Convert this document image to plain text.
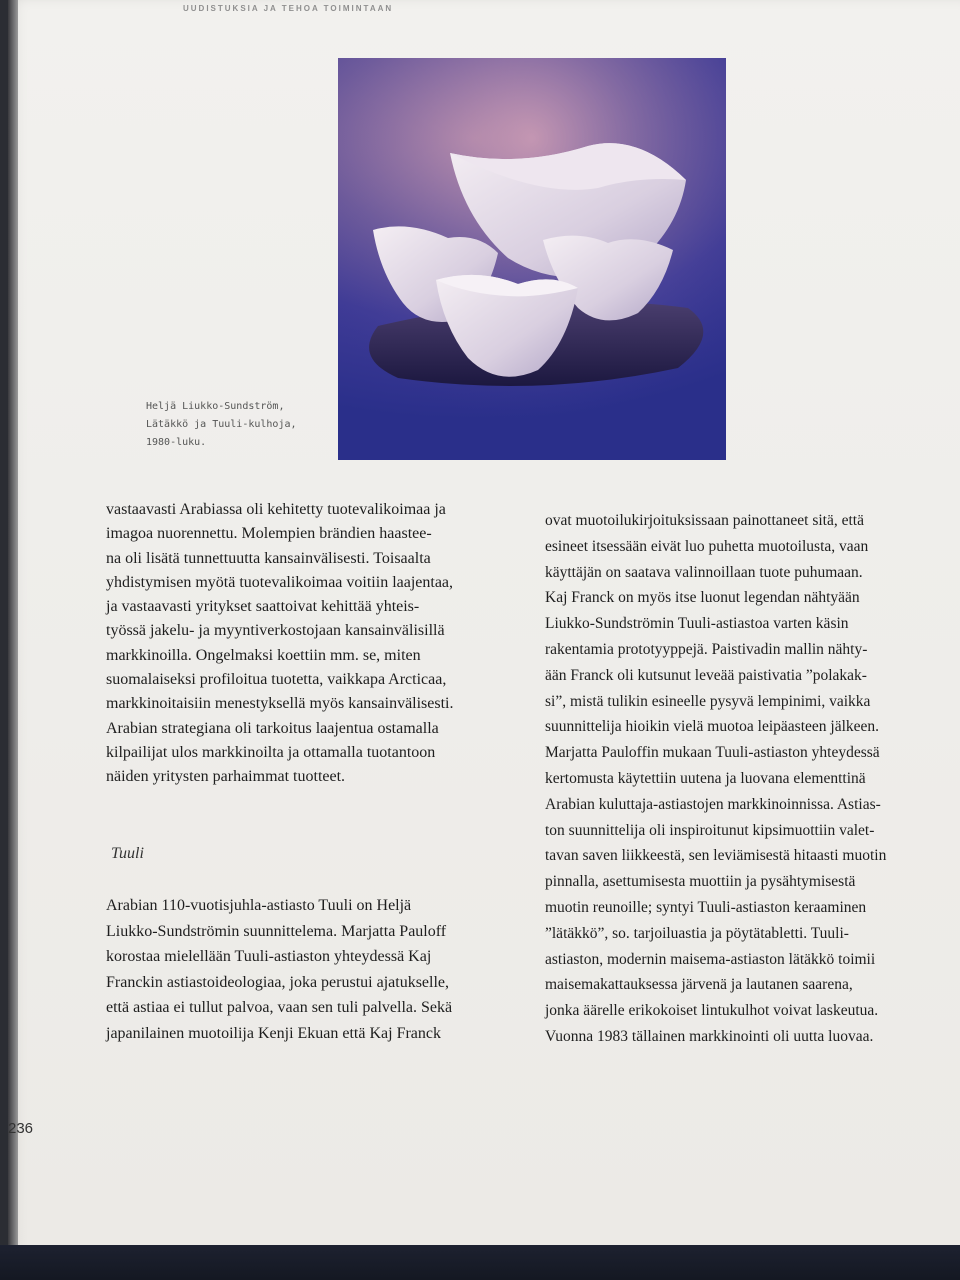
UUDISTUKSIA JA TEHOA TOIMINTAAN
Heljä Liukko-Sundström,
Lätäkkö ja Tuuli-kulhoja,
1980-luku.
vastaavasti Arabiassa oli kehitetty tuotevalikoimaa ja
imagoa nuorennettu. Molempien brändien haastee-
na oli lisätä tunnettuutta kansainvälisesti. Toisaalta
yhdistymisen myötä tuotevalikoimaa voitiin laajentaa,
ja vastaavasti yritykset saattoivat kehittää yhteis-
työssä jakelu- ja myyntiverkostojaan kansainvälisillä
markkinoilla. Ongelmaksi koettiin mm. se, miten
suomalaiseksi profiloitua tuotetta, vaikkapa Arcticaa,
markkinoitaisiin menestyksellä myös kansainvälisesti.
Arabian strategiana oli tarkoitus laajentua ostamalla
kilpailijat ulos markkinoilta ja ottamalla tuotantoon
näiden yritysten parhaimmat tuotteet.
Tuuli
Arabian 110-vuotisjuhla-astiasto Tuuli on Heljä
Liukko-Sundströmin suunnittelema. Marjatta Pauloff
korostaa mielellään Tuuli-astiaston yhteydessä Kaj
Franckin astiastoideologiaa, joka perustui ajatukselle,
että astiaa ei tullut palvoa, vaan sen tuli palvella. Sekä
japanilainen muotoilija Kenji Ekuan että Kaj Franck
ovat muotoilukirjoituksissaan painottaneet sitä, että
esineet itsessään eivät luo puhetta muotoilusta, vaan
käyttäjän on saatava valinnoillaan tuote puhumaan.
Kaj Franck on myös itse luonut legendan nähtyään
Liukko-Sundströmin Tuuli-astiastoa varten käsin
rakentamia prototyyppejä. Paistivadin mallin nähty-
ään Franck oli kutsunut leveää paistivatia ”polakak-
si”, mistä tulikin esineelle pysyvä lempinimi, vaikka
suunnittelija hioikin vielä muotoa leipäasteen jälkeen.
Marjatta Pauloffin mukaan Tuuli-astiaston yhteydessä
kertomusta käytettiin uutena ja luovana elementtinä
Arabian kuluttaja-astiastojen markkinoinnissa. Astias-
ton suunnittelija oli inspiroitunut kipsimuottiin valet-
tavan saven liikkeestä, sen leviämisestä hitaasti muotin
pinnalla, asettumisesta muottiin ja pysähtymisestä
muotin reunoille; syntyi Tuuli-astiaston keraaminen
”lätäkkö”, so. tarjoiluastia ja pöytätabletti. Tuuli-
astiaston, modernin maisema-astiaston lätäkkö toimii
maisemakattauksessa järvenä ja lautanen saarena,
jonka äärelle erikokoiset lintukulhot voivat laskeutua.
Vuonna 1983 tällainen markkinointi oli uutta luovaa.
236
